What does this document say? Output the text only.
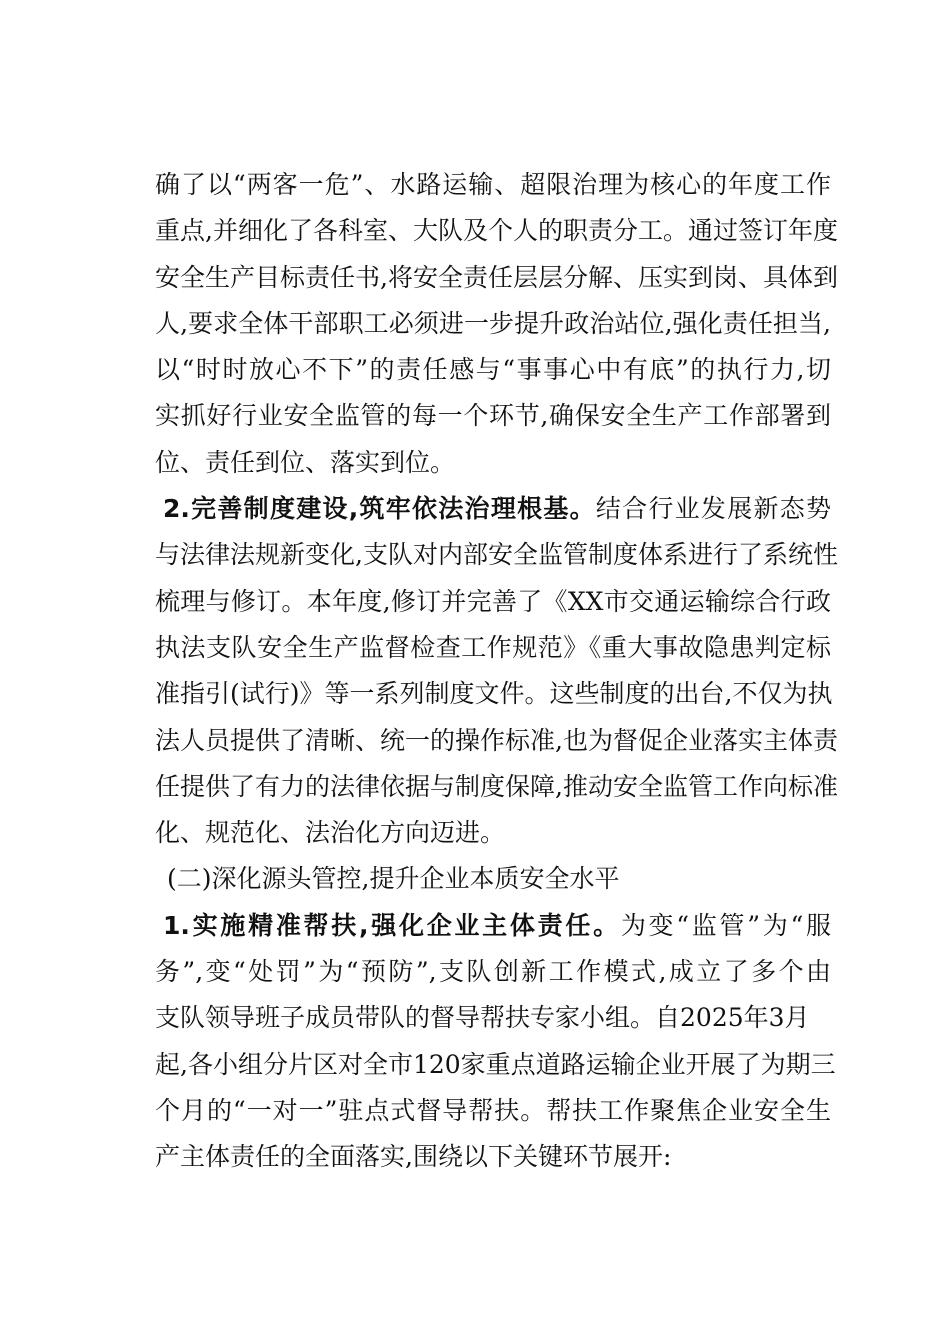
确了以“两客一危”、水路运输、超限治理为核心的年度工作
重点,并细化了各科室、大队及个人的职责分工。通过签订年度
安全生产目标责任书,将安全责任层层分解、压实到岗、具体到
人,要求全体干部职工必须进一步提升政治站位,强化责任担当,
以“时时放心不下”的责任感与“事事心中有底”的执行力,切
实抓好行业安全监管的每一个环节,确保安全生产工作部署到
位、责任到位、落实到位。
2.完善制度建设,筑牢依法治理根基。结合行业发展新态势
与法律法规新变化,支队对内部安全监管制度体系进行了系统性
梳理与修订。本年度,修订并完善了《XX市交通运输综合行政
执法支队安全生产监督检查工作规范》《重大事故隐患判定标
准指引(试行)》等一系列制度文件。这些制度的出台,不仅为执
法人员提供了清晰、统一的操作标准,也为督促企业落实主体责
任提供了有力的法律依据与制度保障,推动安全监管工作向标准
化、规范化、法治化方向迈进。
(二)深化源头管控,提升企业本质安全水平
1.实施精准帮扶,强化企业主体责任。为变“监管”为“服
务”,变“处罚”为“预防”,支队创新工作模式,成立了多个由
支队领导班子成员带队的督导帮扶专家小组。自2025年3月
起,各小组分片区对全市120家重点道路运输企业开展了为期三
个月的“一对一”驻点式督导帮扶。帮扶工作聚焦企业安全生
产主体责任的全面落实,围绕以下关键环节展开:
